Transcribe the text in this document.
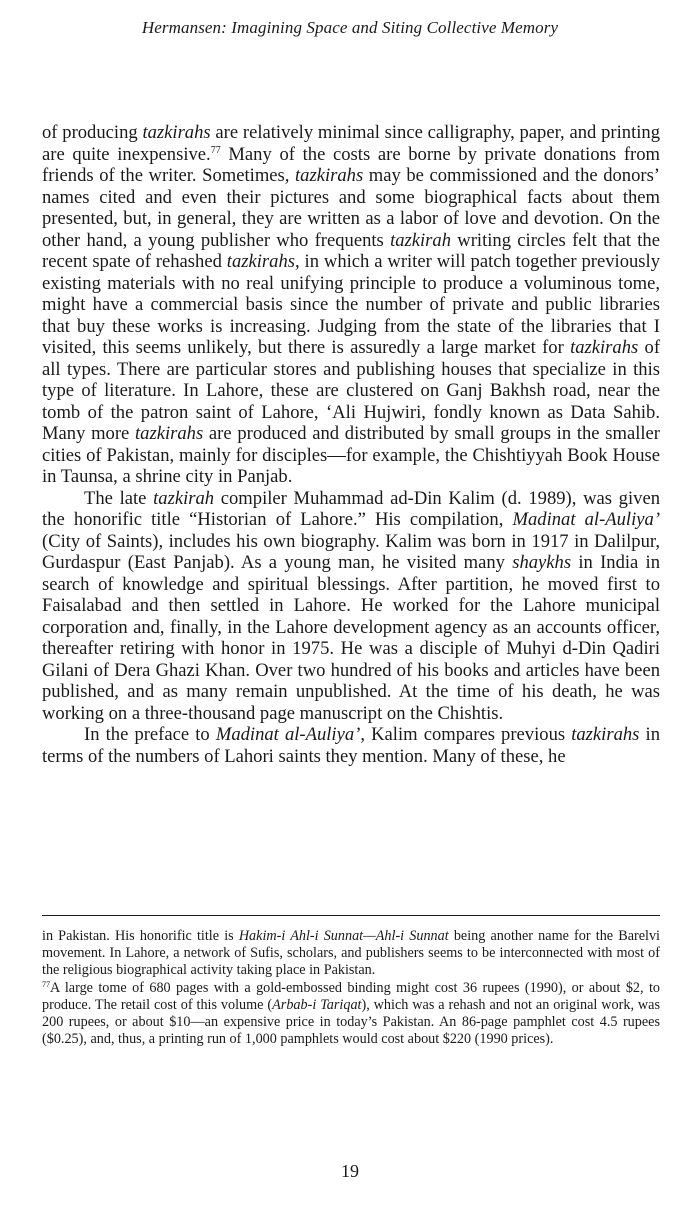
Hermansen: Imagining Space and Siting Collective Memory

of producing tazkirahs are relatively minimal since calligraphy, paper, and printing are quite inexpensive.$^{77}$ Many of the costs are borne by private donations from friends of the writer. Sometimes, tazkirahs may be commissioned and the donors’ names cited and even their pictures and some biographical facts about them presented, but, in general, they are written as a labor of love and devotion. On the other hand, a young publisher who frequents tazkirah writing circles felt that the recent spate of rehashed tazkirahs, in which a writer will patch together previously existing materials with no real unifying principle to produce a voluminous tome, might have a commercial basis since the number of private and public libraries that buy these works is increasing. Judging from the state of the libraries that I visited, this seems unlikely, but there is assuredly a large market for tazkirahs of all types. There are particular stores and publishing houses that specialize in this type of literature. In Lahore, these are clustered on Ganj Bakhsh road, near the tomb of the patron saint of Lahore, ‘Ali Hujwiri, fondly known as Data Sahib. Many more tazkirahs are produced and distributed by small groups in the smaller cities of Pakistan, mainly for disciples—for example, the Chishtiyyah Book House in Taunsa, a shrine city in Panjab.

The late tazkirah compiler Muhammad ad-Din Kalim (d. 1989), was given the honorific title “Historian of Lahore.” His compilation, Madinat al-Auliya’ (City of Saints), includes his own biography. Kalim was born in 1917 in Dalilpur, Gurdaspur (East Panjab). As a young man, he visited many shaykhs in India in search of knowledge and spiritual blessings. After partition, he moved first to Faisalabad and then settled in Lahore. He worked for the Lahore municipal corporation and, finally, in the Lahore development agency as an accounts officer, thereafter retiring with honor in 1975. He was a disciple of Muhyi d-Din Qadiri Gilani of Dera Ghazi Khan. Over two hundred of his books and articles have been published, and as many remain unpublished. At the time of his death, he was working on a three-thousand page manuscript on the Chishtis.

In the preface to Madinat al-Auliya’, Kalim compares previous tazkirahs in terms of the numbers of Lahori saints they mention. Many of these, he

in Pakistan. His honorific title is Hakim-i Ahl-i Sunnat—Ahl-i Sunnat being another name for the Barelvi movement. In Lahore, a network of Sufis, scholars, and publishers seems to be interconnected with most of the religious biographical activity taking place in Pakistan.

$^{77}$A large tome of 680 pages with a gold-embossed binding might cost 36 rupees (1990), or about $2, to produce. The retail cost of this volume (Arbab-i Tariqat), which was a rehash and not an original work, was 200 rupees, or about $10—an expensive price in today’s Pakistan. An 86-page pamphlet cost 4.5 rupees ($0.25), and, thus, a printing run of 1,000 pamphlets would cost about $220 (1990 prices).

19
